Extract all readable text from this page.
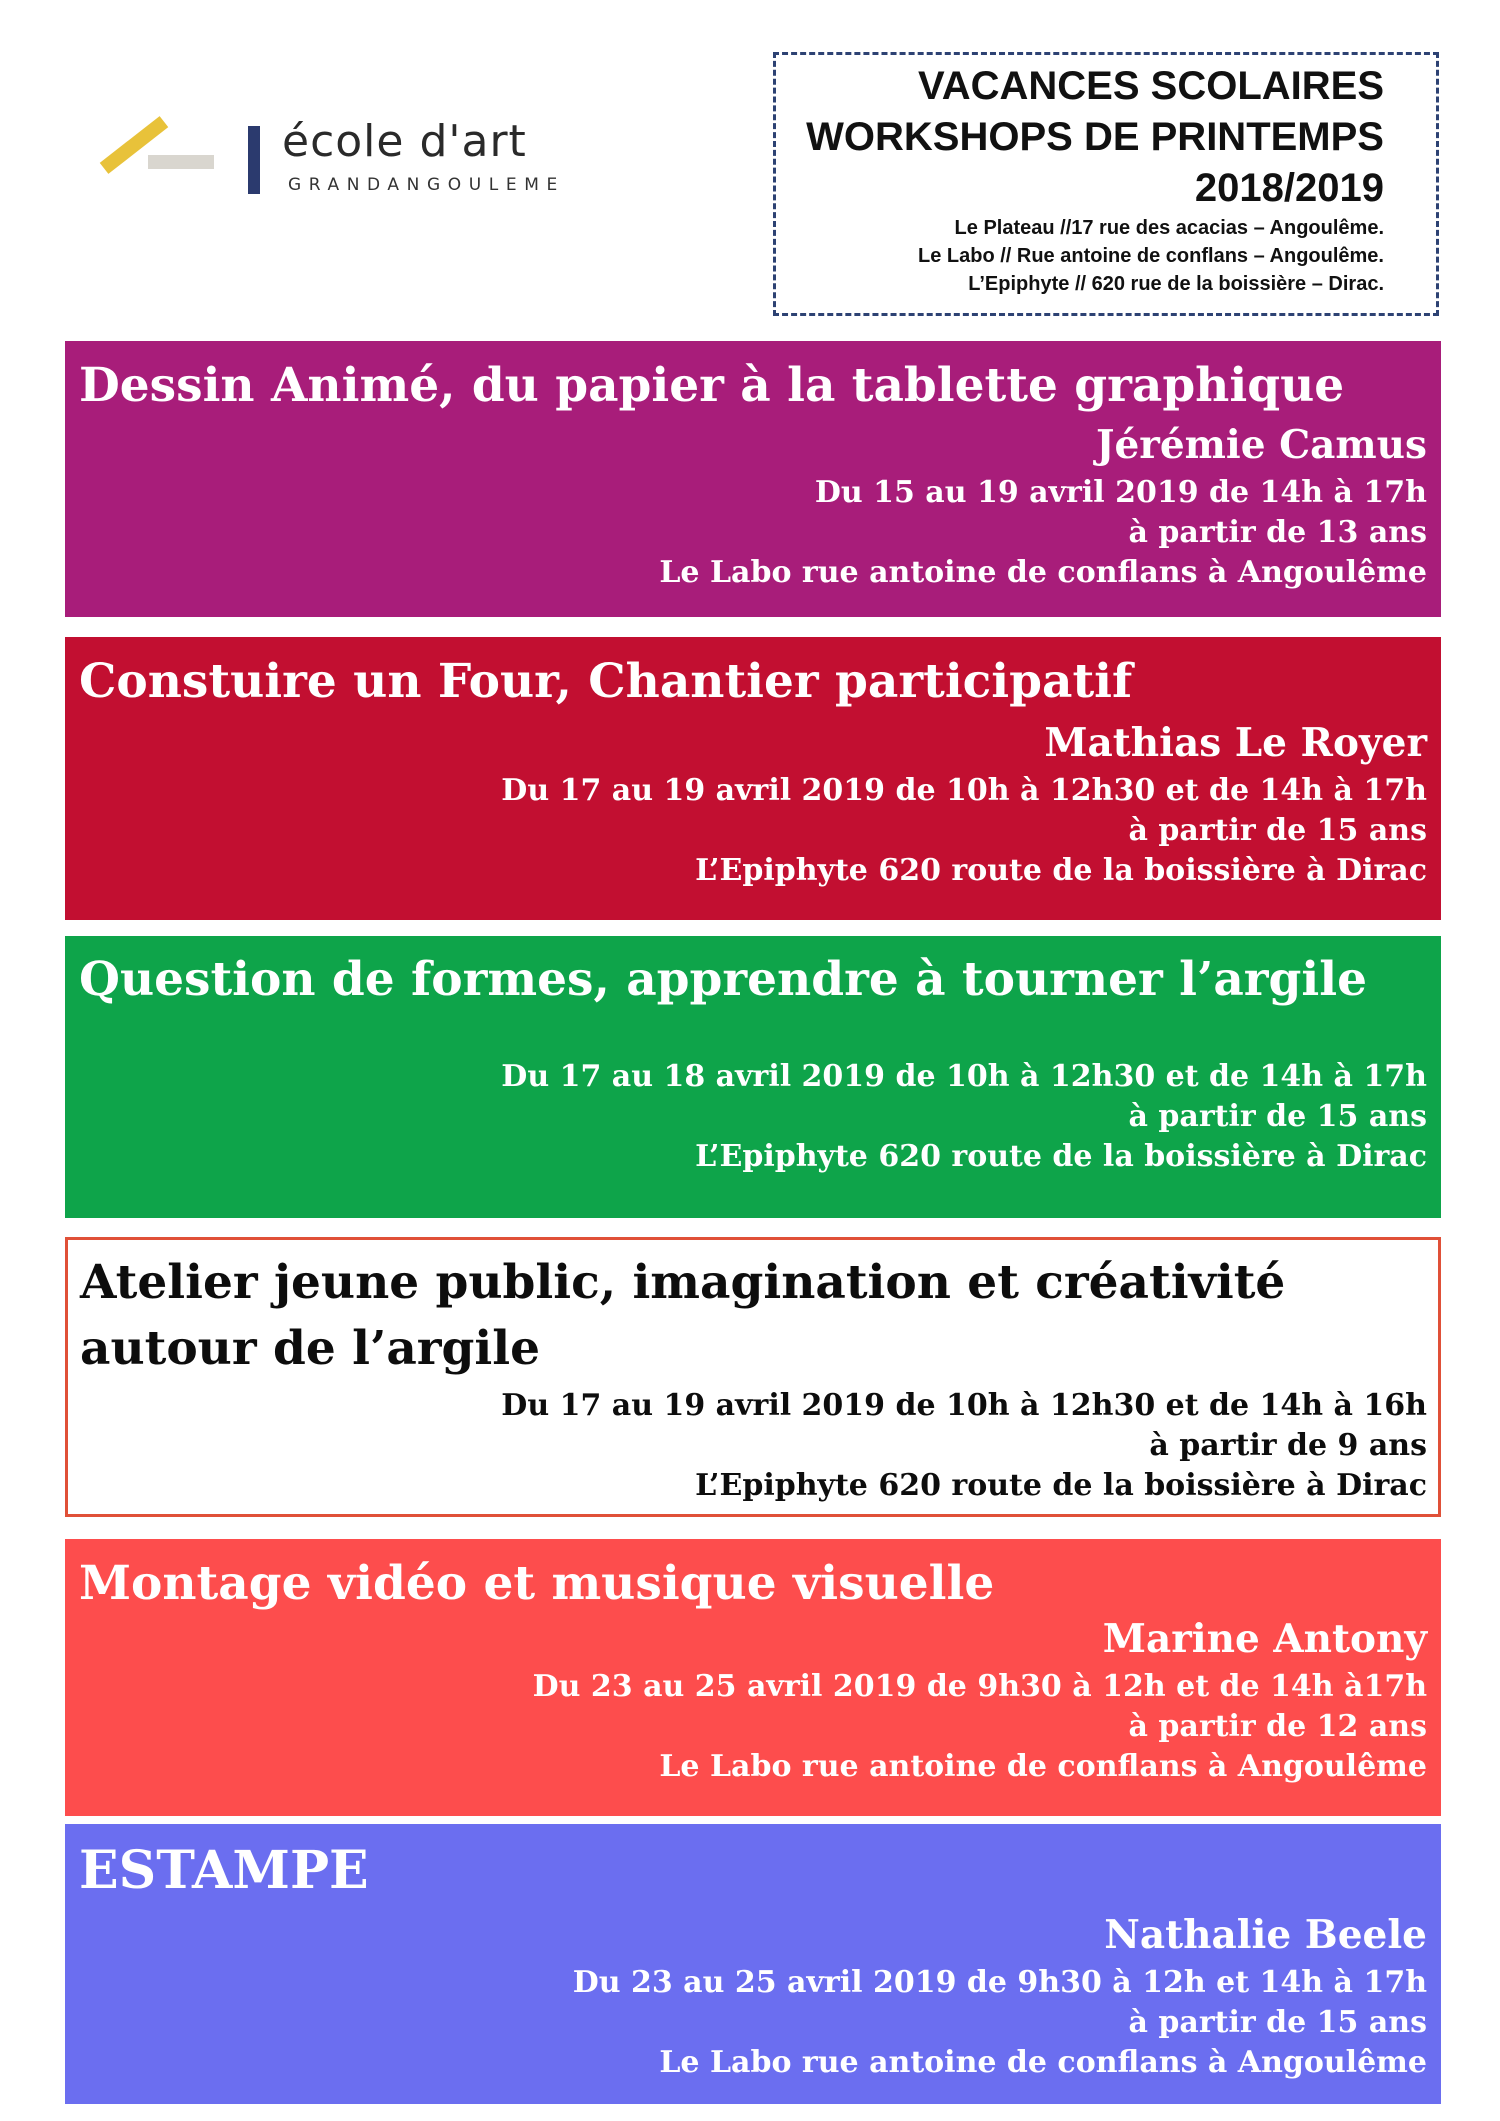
école d'art
GRANDANGOULEME
VACANCES SCOLAIRES
WORKSHOPS DE PRINTEMPS
2018/2019
Le Plateau //17 rue des acacias – Angoulême.
Le Labo // Rue antoine de conflans – Angoulême.
L’Epiphyte // 620 rue de la boissière – Dirac.
Dessin Animé, du papier à la tablette graphique
Jérémie Camus
Du 15 au 19 avril 2019 de 14h à 17h
à partir de 13 ans
Le Labo rue antoine de conflans à Angoulême
Constuire un Four, Chantier participatif
Mathias Le Royer
Du 17 au 19 avril 2019 de 10h à 12h30 et de 14h à 17h
à partir de 15 ans
L’Epiphyte 620 route de la boissière à Dirac
Question de formes, apprendre à tourner l’argile
Du 17 au 18 avril 2019 de 10h à 12h30 et de 14h à 17h
à partir de 15 ans
L’Epiphyte 620 route de la boissière à Dirac
Atelier jeune public, imagination et créativité autour de l’argile
Du 17 au 19 avril 2019 de 10h à 12h30 et de 14h à 16h
à partir de 9 ans
L’Epiphyte 620 route de la boissière à Dirac
Montage vidéo et musique visuelle
Marine Antony
Du 23 au 25 avril 2019 de 9h30 à 12h et de 14h à17h
à partir de 12 ans
Le Labo rue antoine de conflans à Angoulême
ESTAMPE
Nathalie Beele
Du 23 au 25 avril 2019 de 9h30 à 12h et 14h à 17h
à partir de 15 ans
Le Labo rue antoine de conflans à Angoulême
